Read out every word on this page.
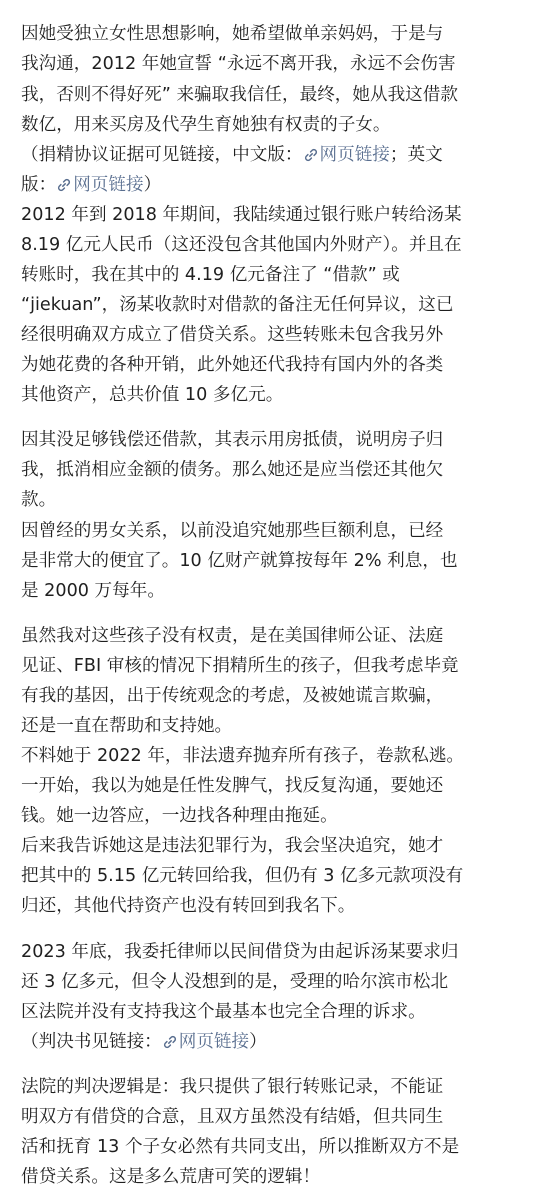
因她受独立女性思想影响，她希望做单亲妈妈，于是与
我沟通，2012 年她宣誓 “永远不离开我，永远不会伤害
我，否则不得好死” 来骗取我信任，最终，她从我这借款
数亿，用来买房及代孕生育她独有权责的子女。
（捐精协议证据可见链接，中文版： 网页链接；英文
版： 网页链接）
2012 年到 2018 年期间，我陆续通过银行账户转给汤某
8.19 亿元人民币（这还没包含其他国内外财产）。并且在
转账时，我在其中的 4.19 亿元备注了 “借款” 或
“jiekuan”，汤某收款时对借款的备注无任何异议，这已
经很明确双方成立了借贷关系。这些转账未包含我另外
为她花费的各种开销，此外她还代我持有国内外的各类
其他资产，总共价值 10 多亿元。
因其没足够钱偿还借款，其表示用房抵债，说明房子归
我，抵消相应金额的债务。那么她还是应当偿还其他欠
款。
因曾经的男女关系，以前没追究她那些巨额利息，已经
是非常大的便宜了。10 亿财产就算按每年 2% 利息，也
是 2000 万每年。
虽然我对这些孩子没有权责，是在美国律师公证、法庭
见证、FBI 审核的情况下捐精所生的孩子，但我考虑毕竟
有我的基因，出于传统观念的考虑，及被她谎言欺骗，
还是一直在帮助和支持她。
不料她于 2022 年，非法遗弃抛弃所有孩子，卷款私逃。
一开始，我以为她是任性发脾气，找反复沟通，要她还
钱。她一边答应，一边找各种理由拖延。
后来我告诉她这是违法犯罪行为，我会坚决追究，她才
把其中的 5.15 亿元转回给我，但仍有 3 亿多元款项没有
归还，其他代持资产也没有转回到我名下。
2023 年底，我委托律师以民间借贷为由起诉汤某要求归
还 3 亿多元，但令人没想到的是，受理的哈尔滨市松北
区法院并没有支持我这个最基本也完全合理的诉求。
（判决书见链接： 网页链接）
法院的判决逻辑是：我只提供了银行转账记录，不能证
明双方有借贷的合意，且双方虽然没有结婚，但共同生
活和抚育 13 个子女必然有共同支出，所以推断双方不是
借贷关系。这是多么荒唐可笑的逻辑！
